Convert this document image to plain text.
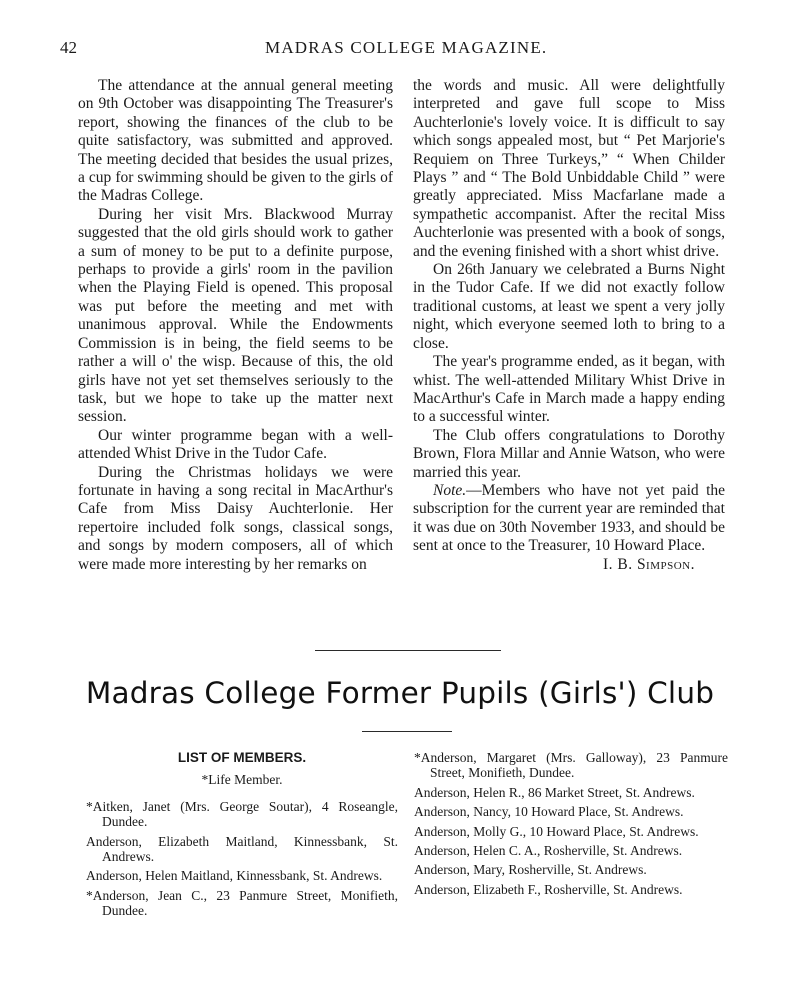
42	MADRAS COLLEGE MAGAZINE.

The attendance at the annual general meeting on 9th October was disappointing The Treasurer's report, showing the finances of the club to be quite satisfactory, was submitted and approved. The meeting decided that besides the usual prizes, a cup for swimming should be given to the girls of the Madras College.

During her visit Mrs. Blackwood Murray suggested that the old girls should work to gather a sum of money to be put to a definite purpose, perhaps to provide a girls' room in the pavilion when the Playing Field is opened. This proposal was put before the meeting and met with unanimous approval. While the Endowments Commission is in being, the field seems to be rather a will o' the wisp. Because of this, the old girls have not yet set themselves seriously to the task, but we hope to take up the matter next session.

Our winter programme began with a well-attended Whist Drive in the Tudor Cafe.

During the Christmas holidays we were fortunate in having a song recital in MacArthur's Cafe from Miss Daisy Auchterlonie. Her repertoire included folk songs, classical songs, and songs by modern composers, all of which were made more interesting by her remarks on

the words and music. All were delightfully interpreted and gave full scope to Miss Auchterlonie's lovely voice. It is difficult to say which songs appealed most, but “ Pet Marjorie's Requiem on Three Turkeys,” “ When Childer Plays ” and “ The Bold Unbiddable Child ” were greatly appreciated. Miss Macfarlane made a sympathetic accompanist. After the recital Miss Auchterlonie was presented with a book of songs, and the evening finished with a short whist drive.

On 26th January we celebrated a Burns Night in the Tudor Cafe. If we did not exactly follow traditional customs, at least we spent a very jolly night, which everyone seemed loth to bring to a close.

The year's programme ended, as it began, with whist. The well-attended Military Whist Drive in MacArthur's Cafe in March made a happy ending to a successful winter.

The Club offers congratulations to Dorothy Brown, Flora Millar and Annie Watson, who were married this year.

Note.—Members who have not yet paid the subscription for the current year are reminded that it was due on 30th November 1933, and should be sent at once to the Treasurer, 10 Howard Place.

I. B. Simpson.

Madras College Former Pupils (Girls') Club
LIST OF MEMBERS.
*Life Member.
*Aitken, Janet (Mrs. George Soutar), 4 Roseangle, Dundee.
Anderson, Elizabeth Maitland, Kinnessbank, St. Andrews.
Anderson, Helen Maitland, Kinnessbank, St. Andrews.
*Anderson, Jean C., 23 Panmure Street, Monifieth, Dundee.
*Anderson, Margaret (Mrs. Galloway), 23 Panmure Street, Monifieth, Dundee.
Anderson, Helen R., 86 Market Street, St. Andrews.
Anderson, Nancy, 10 Howard Place, St. Andrews.
Anderson, Molly G., 10 Howard Place, St. Andrews.
Anderson, Helen C. A., Rosherville, St. Andrews.
Anderson, Mary, Rosherville, St. Andrews.
Anderson, Elizabeth F., Rosherville, St. Andrews.
